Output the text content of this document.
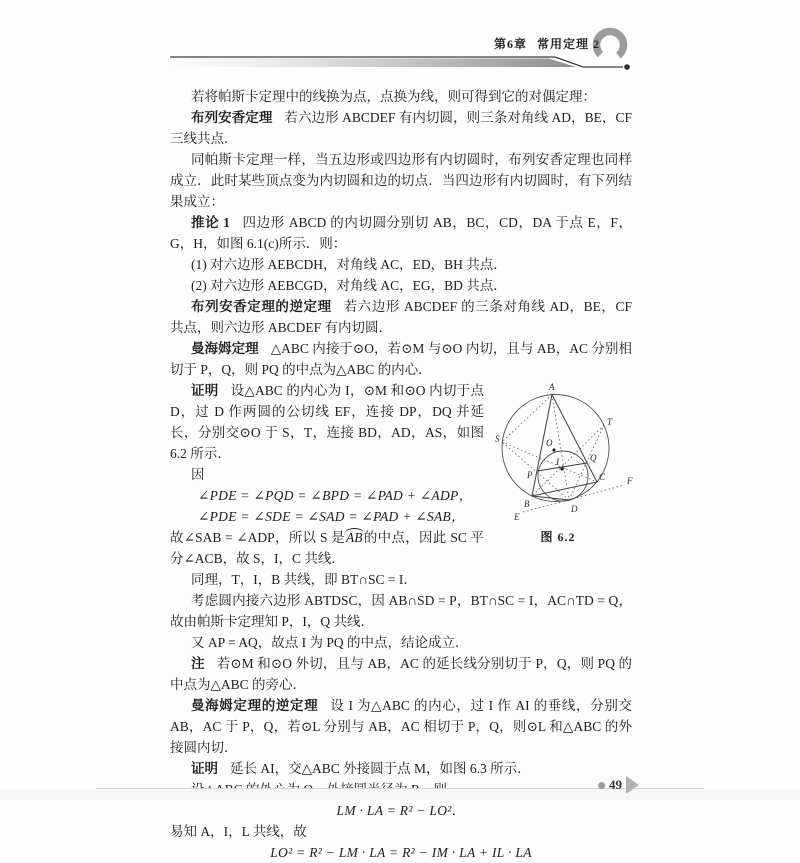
第6章 常用定理 2

若将帕斯卡定理中的线换为点，点换为线，则可得到它的对偶定理：

布列安香定理 若六边形 ABCDEF 有内切圆，则三条对角线 AD，BE，CF 三线共点．

同帕斯卡定理一样，当五边形或四边形有内切圆时，布列安香定理也同样成立．此时某些顶点变为内切圆和边的切点．当四边形有内切圆时，有下列结果成立：

推论 1 四边形 ABCD 的内切圆分别切 AB，BC，CD，DA 于点 E，F，G，H，如图 6.1(c)所示．则：

(1) 对六边形 AEBCDH，对角线 AC，ED，BH 共点．

(2) 对六边形 AEBCGD，对角线 AC，EG，BD 共点．

布列安香定理的逆定理 若六边形 ABCDEF 的三条对角线 AD，BE，CF 共点，则六边形 ABCDEF 有内切圆．

曼海姆定理 △ABC 内接于⊙O，若⊙M 与⊙O 内切，且与 AB，AC 分别相切于 P，Q，则 PQ 的中点为△ABC 的内心．

A
S
T
O
I
P
Q
B
C
D
E
F
图 6.2

证明 设△ABC 的内心为 I，⊙M 和⊙O 内切于点 D，过 D 作两圆的公切线 EF，连接 DP，DQ 并延长，分别交⊙O 于 S，T，连接 BD，AD，AS，如图 6.2 所示．

因

∠PDE = ∠PQD = ∠BPD = ∠PAD + ∠ADP，

∠PDE = ∠SDE = ∠SAD = ∠PAD + ∠SAB，

故∠SAB = ∠ADP，所以 S 是AB的中点，因此 SC 平分∠ACB，故 S，I，C 共线．

同理，T，I，B 共线，即 BT∩SC = I．

考虑圆内接六边形 ABTDSC，因 AB∩SD = P，BT∩SC = I，AC∩TD = Q，故由帕斯卡定理知 P，I，Q 共线．

又 AP = AQ，故点 I 为 PQ 的中点，结论成立．

注 若⊙M 和⊙O 外切，且与 AB，AC 的延长线分别切于 P，Q，则 PQ 的中点为△ABC 的旁心．

曼海姆定理的逆定理 设 I 为△ABC 的内心，过 I 作 AI 的垂线，分别交 AB，AC 于 P，Q，若⊙L 分别与 AB，AC 相切于 P，Q，则⊙L 和△ABC 的外接圆内切．

证明 延长 AI，交△ABC 外接圆于点 M，如图 6.3 所示．

LM · LA = R² − LO²．

易知 A，I，L 共线，故

LO² = R² − LM · LA = R² − IM · LA + IL · LA

49
